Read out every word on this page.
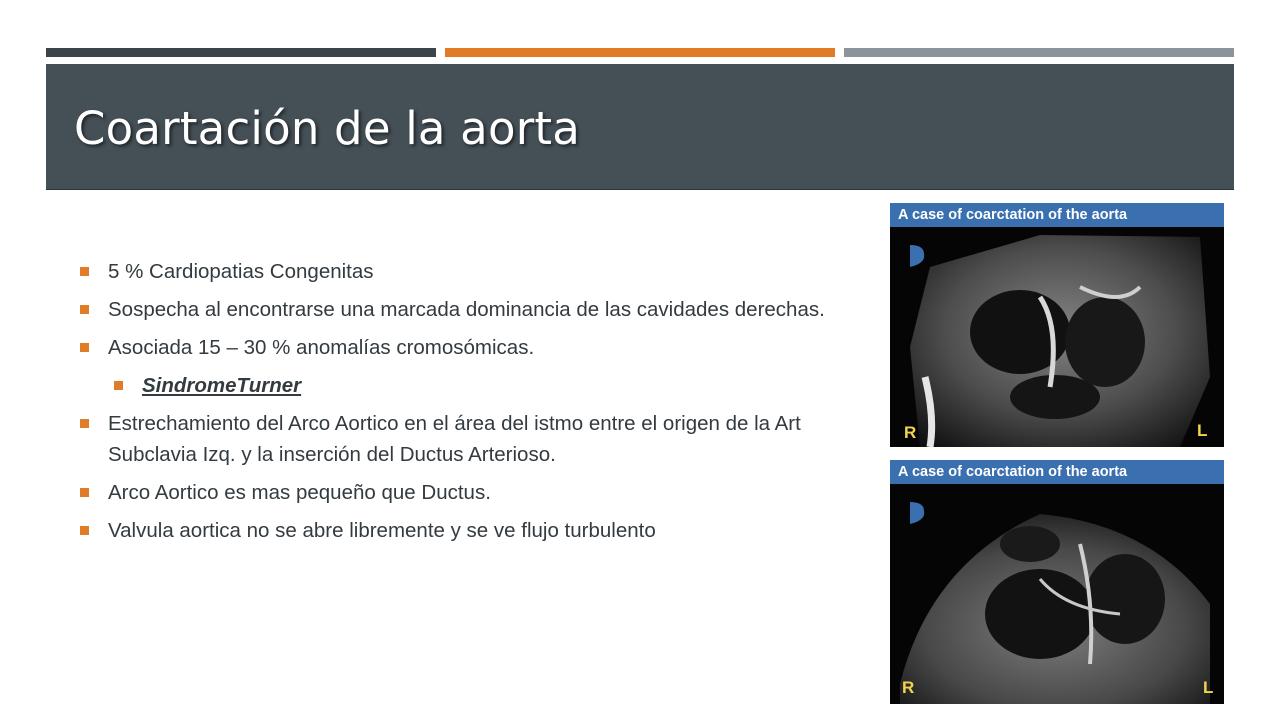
Coartación de la aorta
5 % Cardiopatias Congenitas
Sospecha al encontrarse una marcada dominancia de las cavidades derechas.
Asociada 15 – 30 % anomalías cromosómicas.
SindromeTurner
Estrechamiento del Arco Aortico en el área del istmo entre el origen de la Art Subclavia Izq. y la inserción del Ductus Arterioso.
Arco Aortico es mas pequeño que Ductus.
Valvula aortica no se abre libremente y se ve flujo turbulento
A case of coarctation of the aorta
R	L
A case of coarctation of the aorta
R	L
